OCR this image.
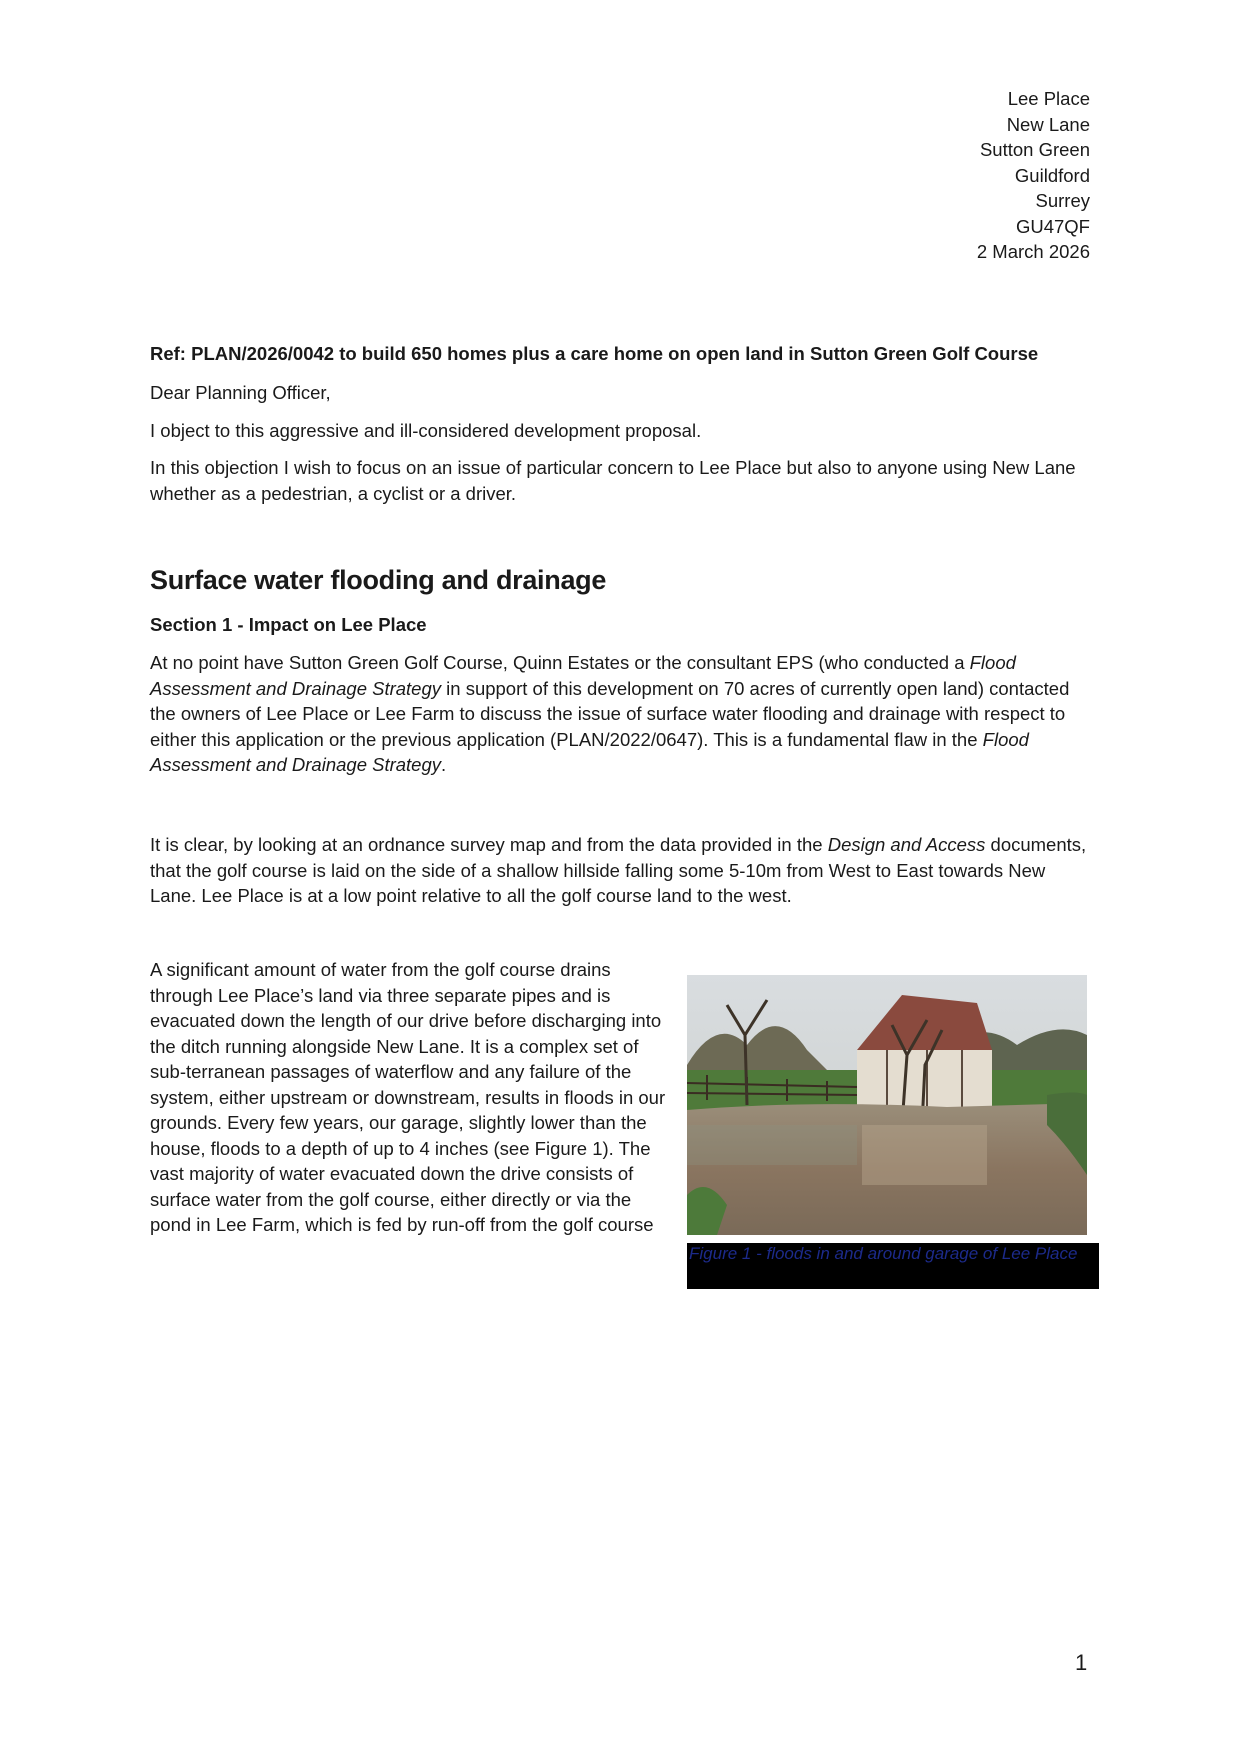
Lee Place
New Lane
Sutton Green
Guildford
Surrey
GU47QF
2 March 2026
Ref: PLAN/2026/0042 to build 650 homes plus a care home on open land in Sutton Green Golf Course
Dear Planning Officer,
I object to this aggressive and ill-considered development proposal.
In this objection I wish to focus on an issue of particular concern to Lee Place but also to anyone using New Lane whether as a pedestrian, a cyclist or a driver.
Surface water flooding and drainage
Section 1 - Impact on Lee Place
At no point have Sutton Green Golf Course, Quinn Estates or the consultant EPS (who conducted a Flood Assessment and Drainage Strategy in support of this development on 70 acres of currently open land) contacted the owners of Lee Place or Lee Farm to discuss the issue of surface water flooding and drainage with respect to either this application or the previous application (PLAN/2022/0647). This is a fundamental flaw in the Flood Assessment and Drainage Strategy.
It is clear, by looking at an ordnance survey map and from the data provided in the Design and Access documents, that the golf course is laid on the side of a shallow hillside falling some 5-10m from West to East towards New Lane. Lee Place is at a low point relative to all the golf course land to the west.
A significant amount of water from the golf course drains through Lee Place’s land via three separate pipes and is evacuated down the length of our drive before discharging into the ditch running alongside New Lane. It is a complex set of sub-terranean passages of waterflow and any failure of the system, either upstream or downstream, results in floods in our grounds. Every few years, our garage, slightly lower than the house, floods to a depth of up to 4 inches (see Figure 1). The vast majority of water evacuated down the drive consists of surface water from the golf course, either directly or via the pond in Lee Farm, which is fed by run-off from the golf course
Figure 1 - floods in and around garage of Lee Place
1
